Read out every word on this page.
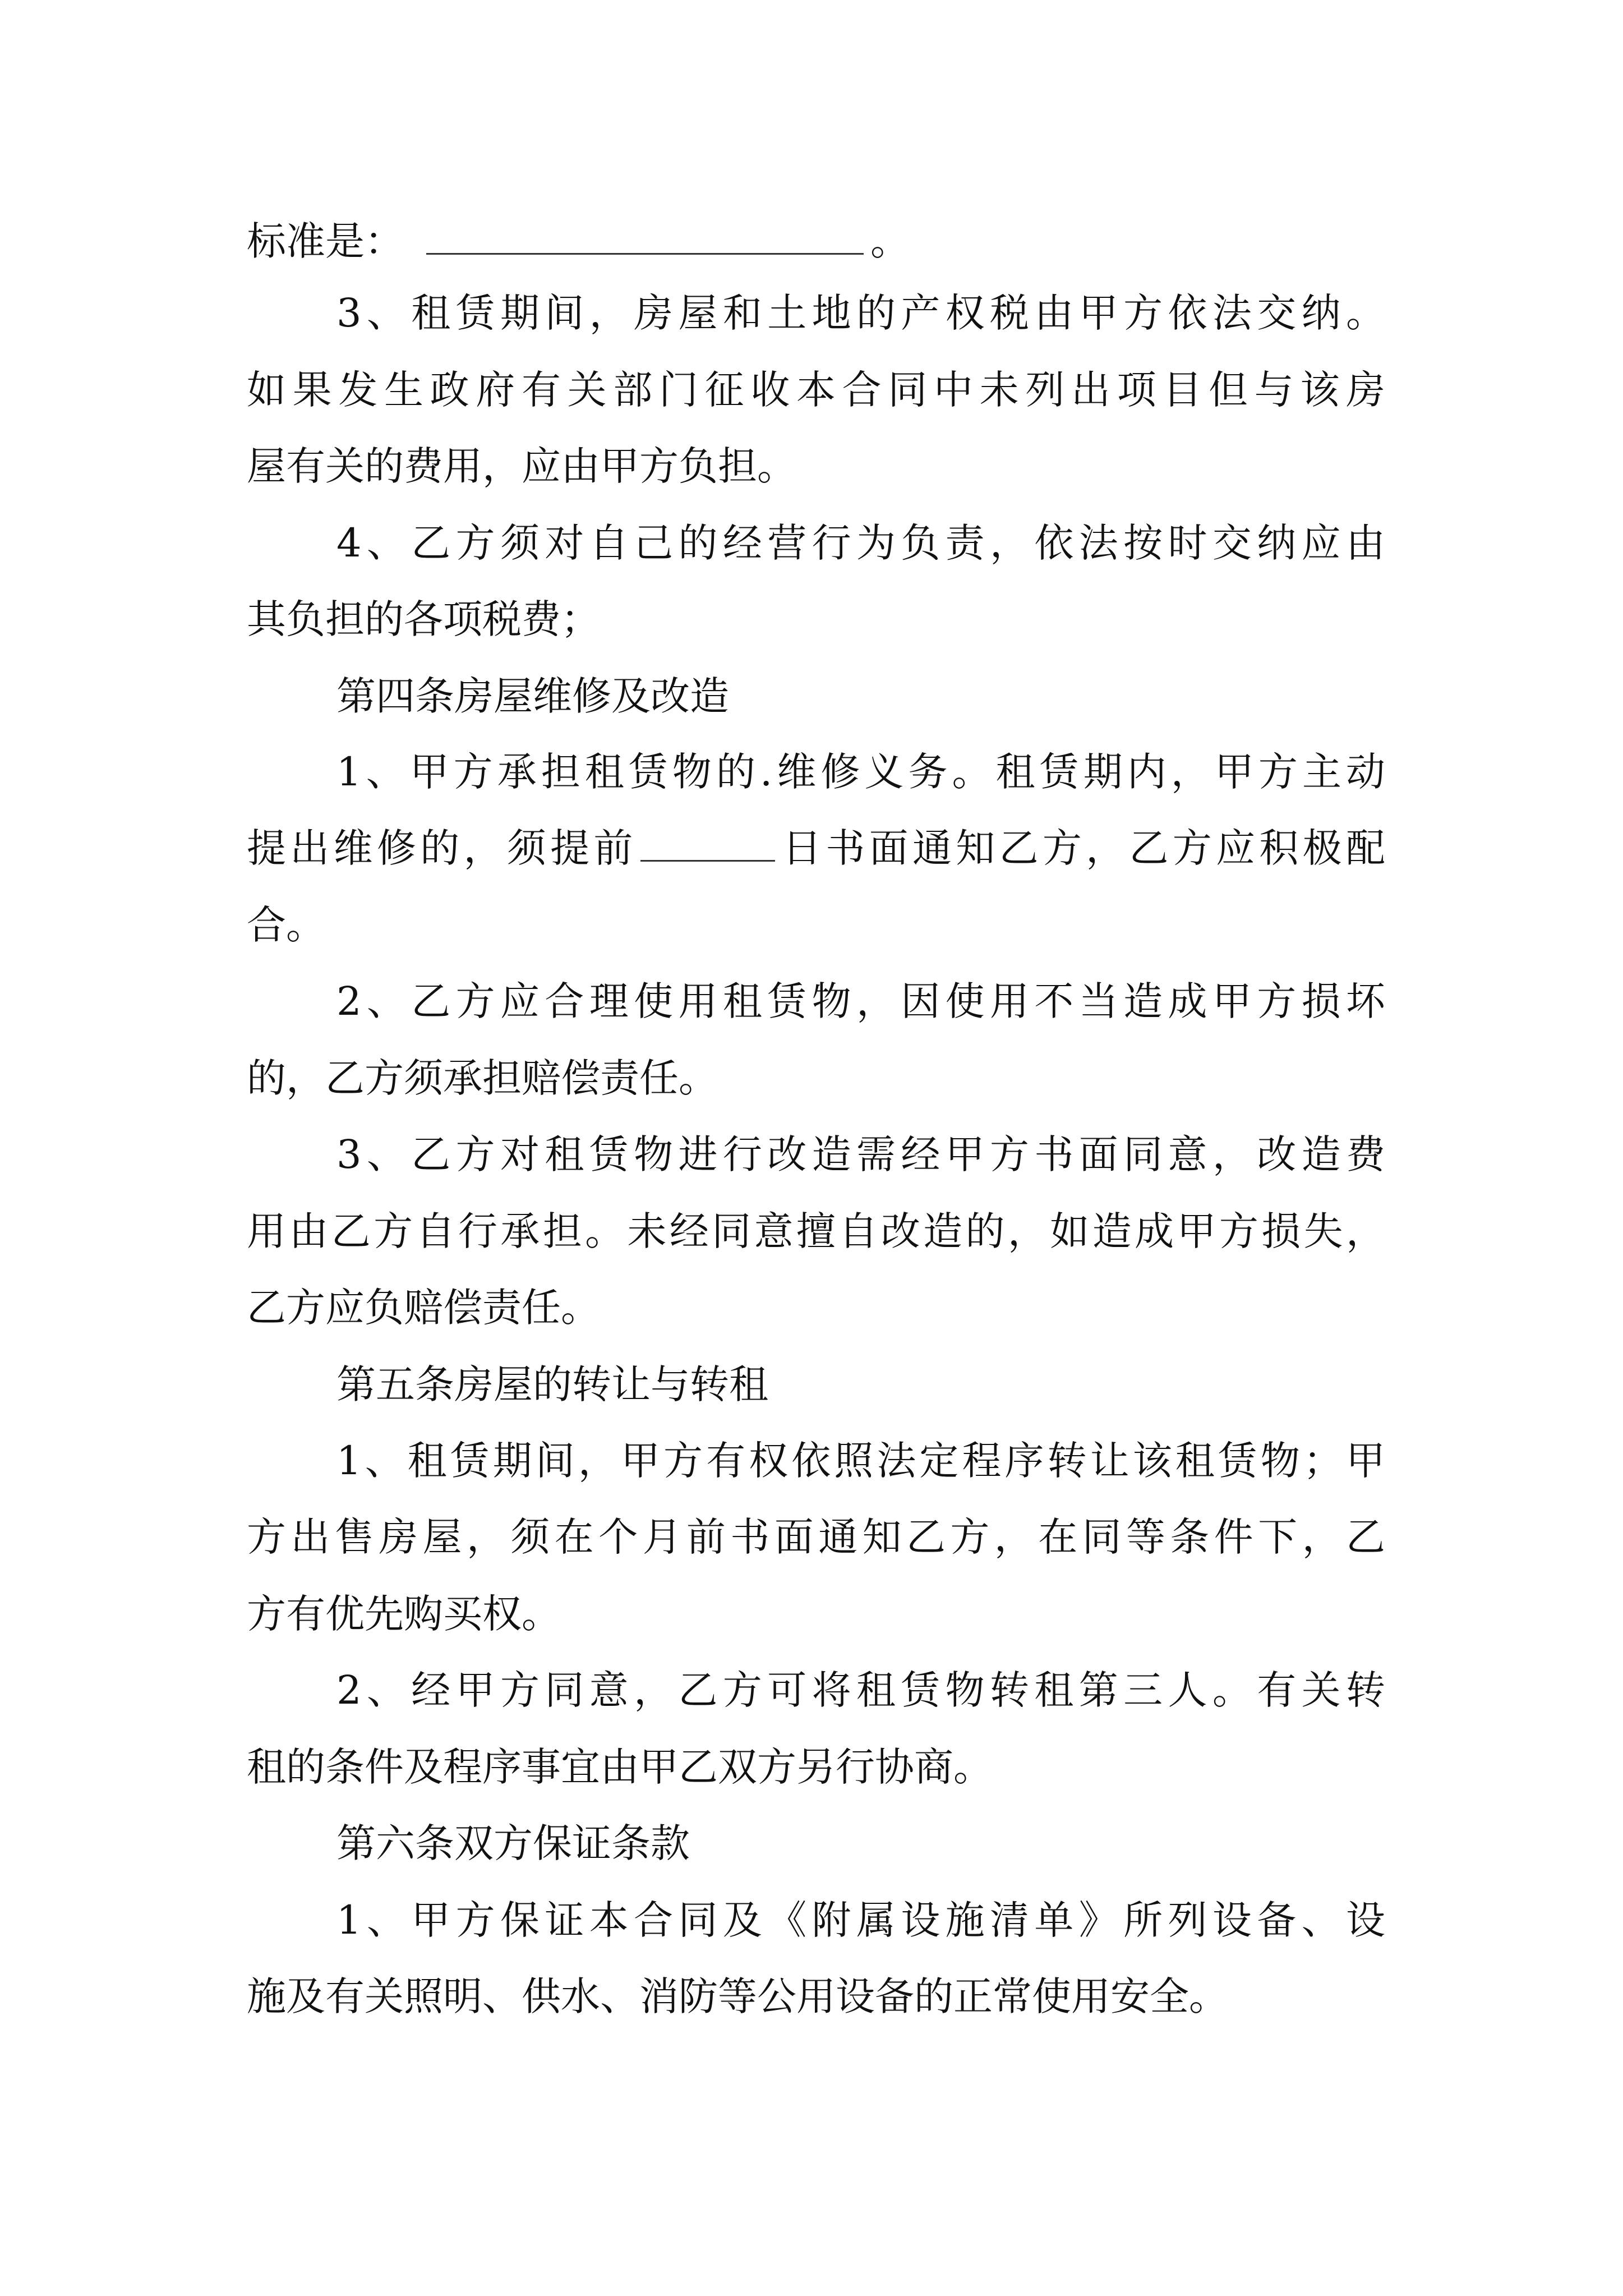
标准是：	。
3、租赁期间，房屋和土地的产权税由甲方依法交纳。
如果发生政府有关部门征收本合同中未列出项目但与该房
屋有关的费用，应由甲方负担。
4、乙方须对自己的经营行为负责，依法按时交纳应由
其负担的各项税费；
第四条房屋维修及改造
1、甲方承担租赁物的.维修义务。租赁期内，甲方主动
提出维修的，须提前	日书面通知乙方，乙方应积极配
合。
2、乙方应合理使用租赁物，因使用不当造成甲方损坏
的，乙方须承担赔偿责任。
3、乙方对租赁物进行改造需经甲方书面同意，改造费
用由乙方自行承担。未经同意擅自改造的，如造成甲方损失，
乙方应负赔偿责任。
第五条房屋的转让与转租
1、租赁期间，甲方有权依照法定程序转让该租赁物；甲
方出售房屋，须在个月前书面通知乙方，在同等条件下，乙
方有优先购买权。
2、经甲方同意，乙方可将租赁物转租第三人。有关转
租的条件及程序事宜由甲乙双方另行协商。
第六条双方保证条款
1、甲方保证本合同及《附属设施清单》所列设备、设
施及有关照明、供水、消防等公用设备的正常使用安全。
